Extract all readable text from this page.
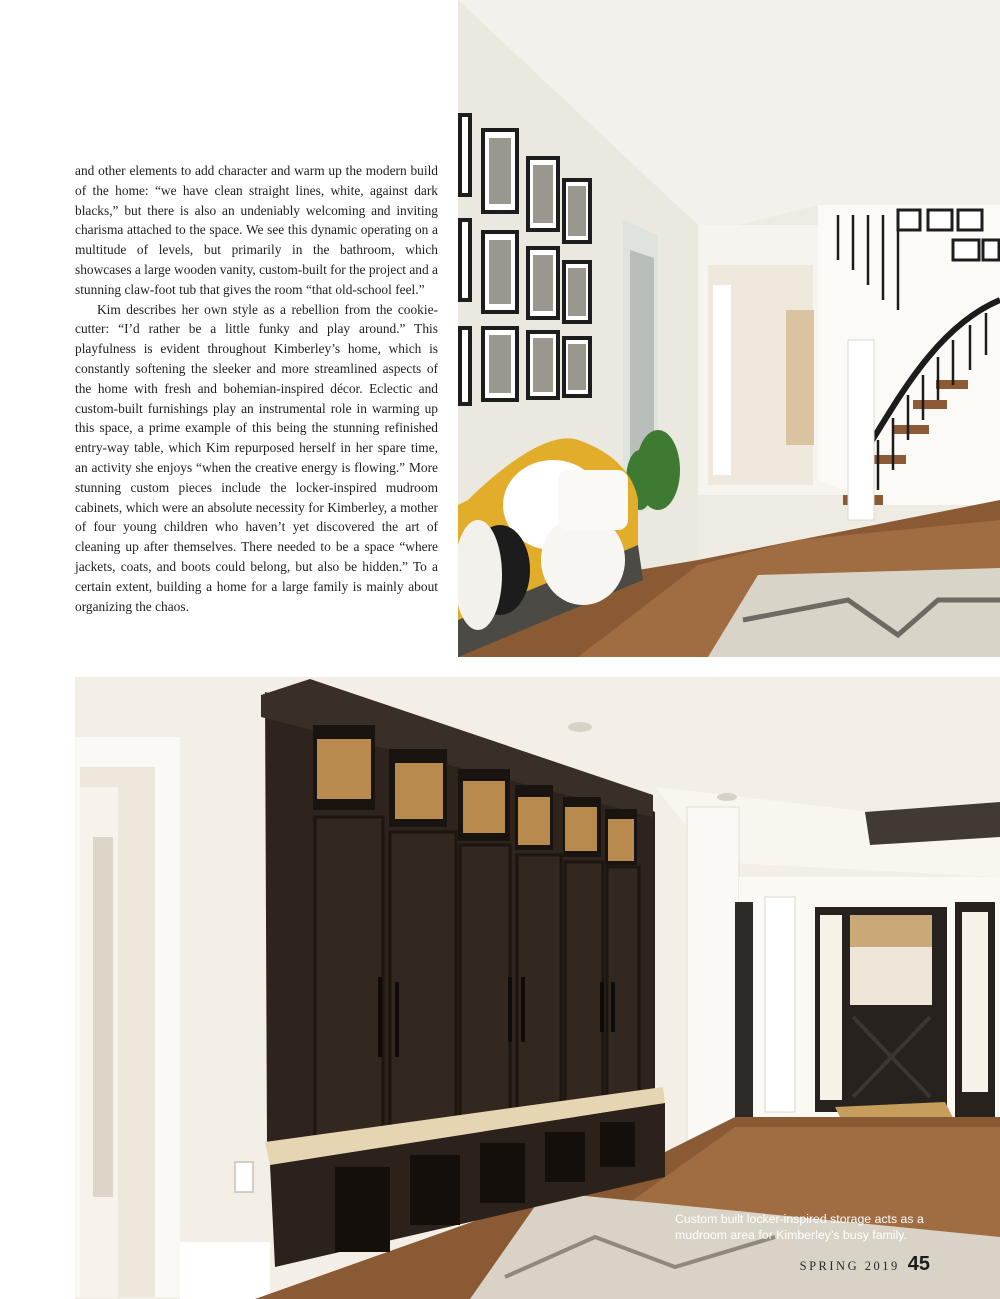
and other elements to add character and warm up the modern build of the home: “we have clean straight lines, white, against dark blacks,” but there is also an undeniably welcoming and inviting charisma attached to the space. We see this dynamic operating on a multitude of levels, but primarily in the bathroom, which showcases a large wooden vanity, custom-built for the project and a stunning claw-foot tub that gives the room “that old-school feel.”

Kim describes her own style as a rebellion from the cookie-cutter: “I’d rather be a little funky and play around.” This playfulness is evident throughout Kimberley’s home, which is constantly softening the sleeker and more streamlined aspects of the home with fresh and bohemian-inspired décor. Eclectic and custom-built furnishings play an instrumental role in warming up this space, a prime example of this being the stunning refinished entry-way table, which Kim repurposed herself in her spare time, an activity she enjoys “when the creative energy is flowing.” More stunning custom pieces include the locker-inspired mudroom cabinets, which were an absolute necessity for Kimberley, a mother of four young children who haven’t yet discovered the art of cleaning up after themselves. There needed to be a space “where jackets, coats, and boots could belong, but also be hidden.” To a certain extent, building a home for a large family is mainly about organizing the chaos.

Custom built locker-inspired storage acts as a mudroom area for Kimberley’s busy family.
SPRING 2019 45
